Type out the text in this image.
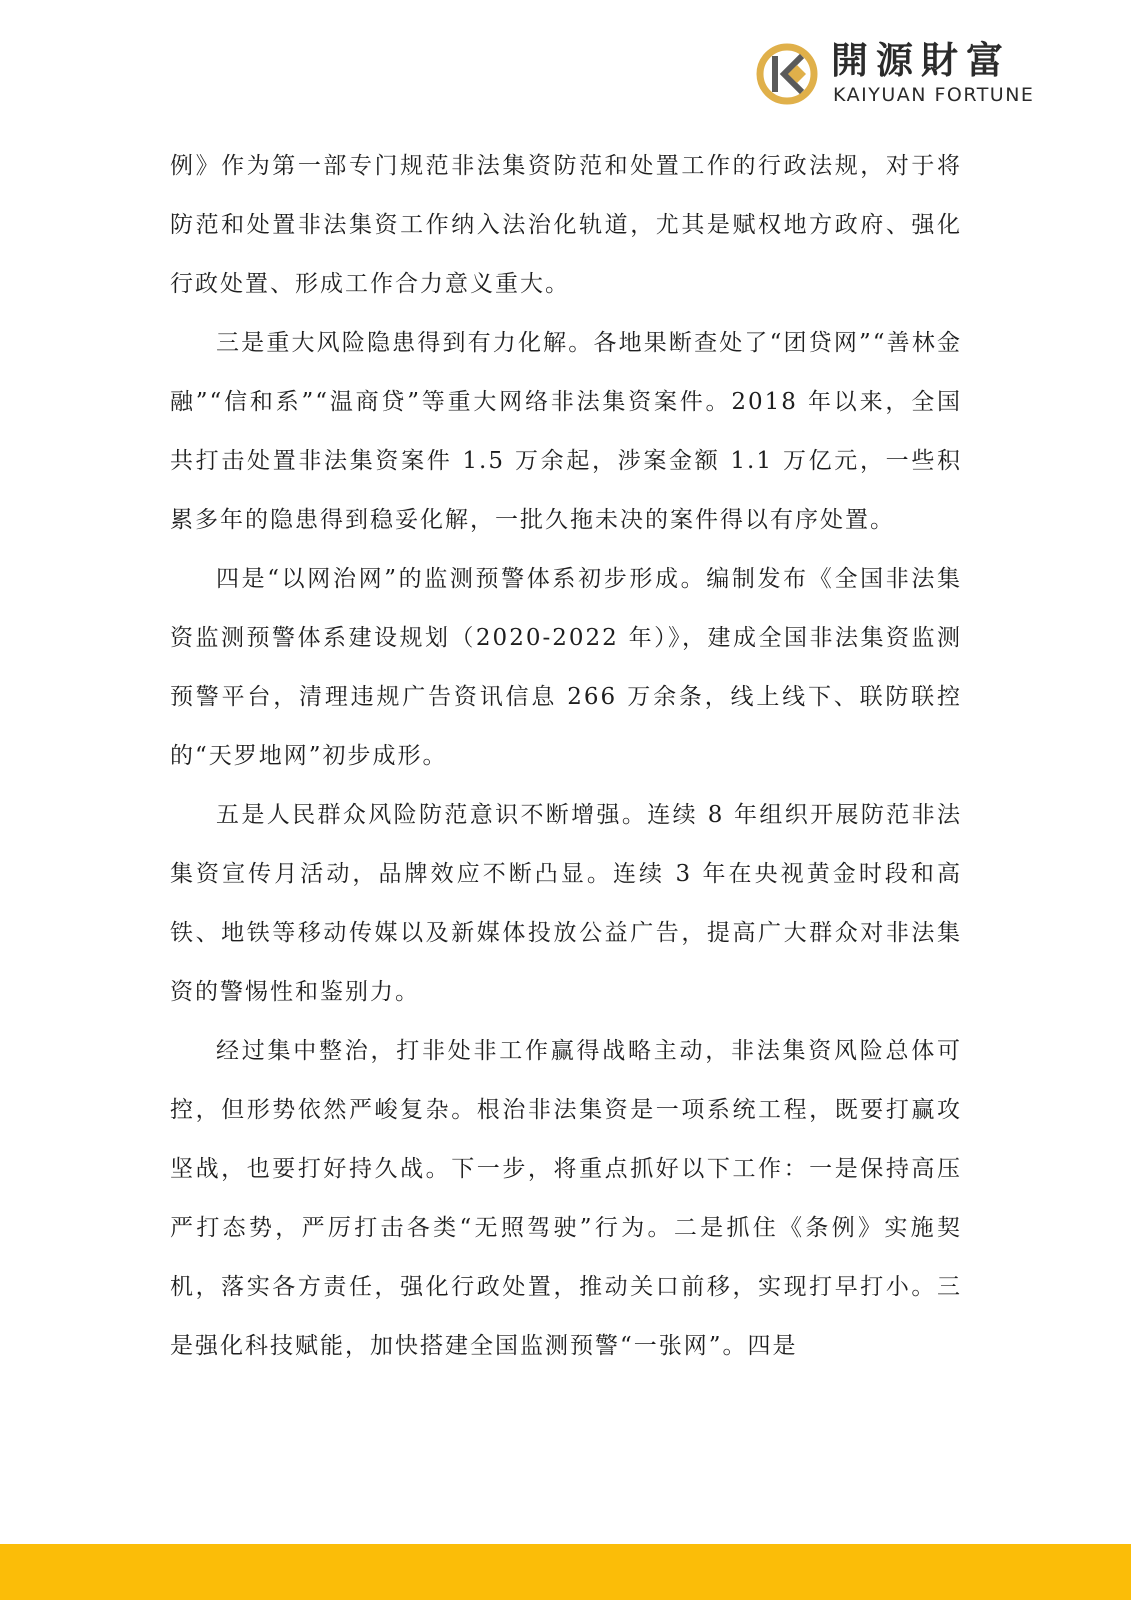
開源財富
KAIYUAN FORTUNE

例》作为第一部专门规范非法集资防范和处置工作的行政法规，对于将防范和处置非法集资工作纳入法治化轨道，尤其是赋权地方政府、强化行政处置、形成工作合力意义重大。

三是重大风险隐患得到有力化解。各地果断查处了“团贷网”“善林金融”“信和系”“温商贷”等重大网络非法集资案件。2018 年以来，全国共打击处置非法集资案件 1.5 万余起，涉案金额 1.1 万亿元，一些积累多年的隐患得到稳妥化解，一批久拖未决的案件得以有序处置。

四是“以网治网”的监测预警体系初步形成。编制发布《全国非法集资监测预警体系建设规划（2020-2022 年）》，建成全国非法集资监测预警平台，清理违规广告资讯信息 266 万余条，线上线下、联防联控的“天罗地网”初步成形。

五是人民群众风险防范意识不断增强。连续 8 年组织开展防范非法集资宣传月活动，品牌效应不断凸显。连续 3 年在央视黄金时段和高铁、地铁等移动传媒以及新媒体投放公益广告，提高广大群众对非法集资的警惕性和鉴别力。

经过集中整治，打非处非工作赢得战略主动，非法集资风险总体可控，但形势依然严峻复杂。根治非法集资是一项系统工程，既要打赢攻坚战，也要打好持久战。下一步，将重点抓好以下工作：一是保持高压严打态势，严厉打击各类“无照驾驶”行为。二是抓住《条例》实施契机，落实各方责任，强化行政处置，推动关口前移，实现打早打小。三是强化科技赋能，加快搭建全国监测预警“一张网”。四是
